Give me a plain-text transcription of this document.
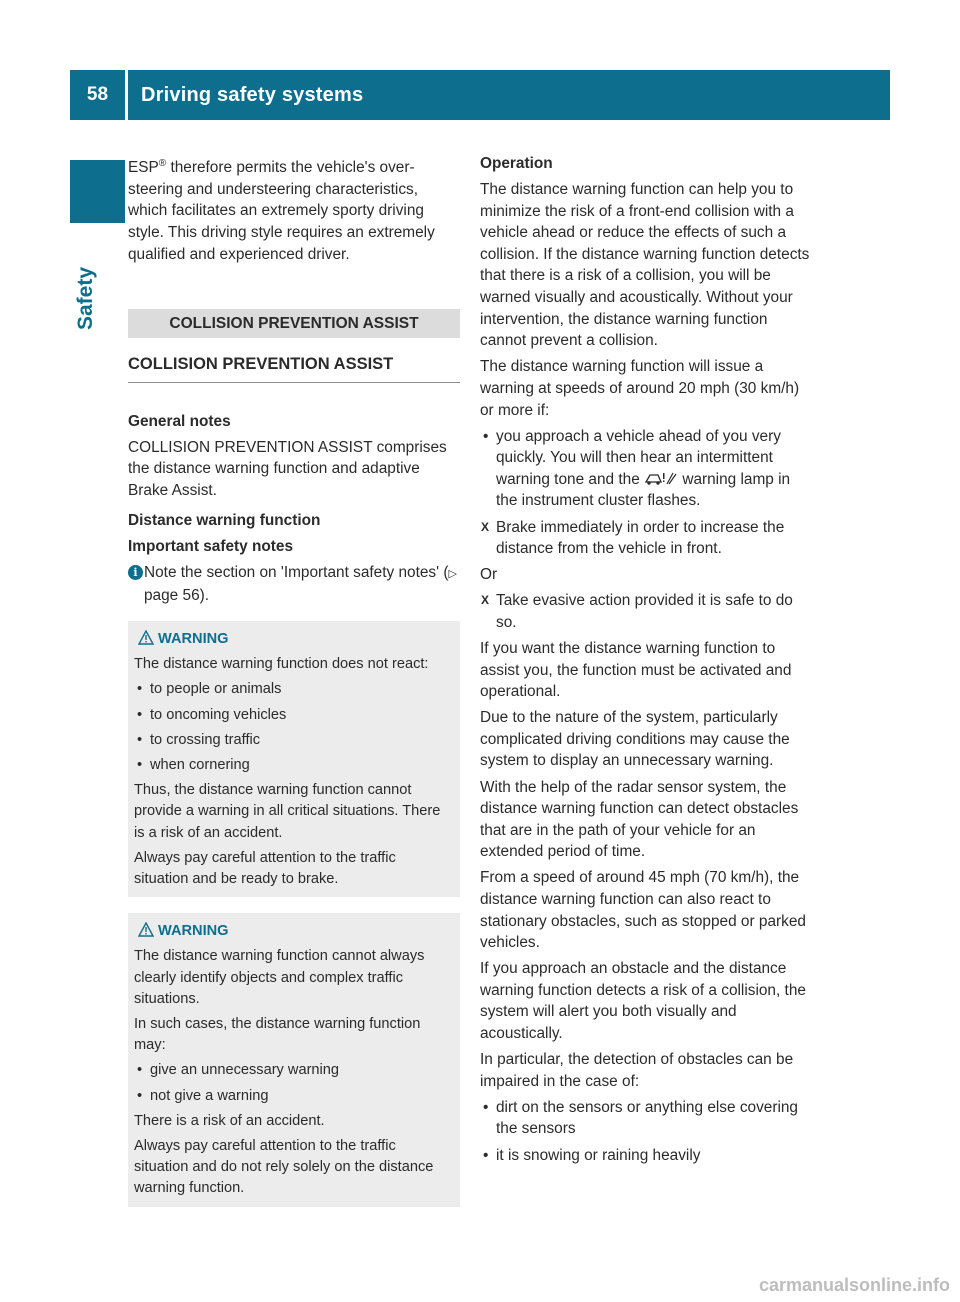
58	Driving safety systems
Safety

ESP® therefore permits the vehicle's over-steering and understeering characteristics, which facilitates an extremely sporty driving style. This driving style requires an extremely qualified and experienced driver.

COLLISION PREVENTION ASSIST
COLLISION PREVENTION ASSIST

General notes

COLLISION PREVENTION ASSIST comprises the distance warning function and adaptive Brake Assist.

Distance warning function

Important safety notes

i Note the section on 'Important safety notes' (▷ page 56).
WARNING

The distance warning function does not react:

• to people or animals
• to oncoming vehicles
• to crossing traffic
• when cornering

Thus, the distance warning function cannot provide a warning in all critical situations. There is a risk of an accident.

Always pay careful attention to the traffic situation and be ready to brake.

WARNING

The distance warning function cannot always clearly identify objects and complex traffic situations.

In such cases, the distance warning function may:

• give an unnecessary warning
• not give a warning

There is a risk of an accident.

Always pay careful attention to the traffic situation and do not rely solely on the distance warning function.

Operation

The distance warning function can help you to minimize the risk of a front-end collision with a vehicle ahead or reduce the effects of such a collision. If the distance warning function detects that there is a risk of a collision, you will be warned visually and acoustically. Without your intervention, the distance warning function cannot prevent a collision.

The distance warning function will issue a warning at speeds of around 20 mph (30 km/h) or more if:

• you approach a vehicle ahead of you very quickly. You will then hear an intermittent warning tone and the	warning lamp in the instrument cluster flashes.
X Brake immediately in order to increase the distance from the vehicle in front.

Or

X Take evasive action provided it is safe to do so.

If you want the distance warning function to assist you, the function must be activated and operational.

Due to the nature of the system, particularly complicated driving conditions may cause the system to display an unnecessary warning.

With the help of the radar sensor system, the distance warning function can detect obstacles that are in the path of your vehicle for an extended period of time.

From a speed of around 45 mph (70 km/h), the distance warning function can also react to stationary obstacles, such as stopped or parked vehicles.

If you approach an obstacle and the distance warning function detects a risk of a collision, the system will alert you both visually and acoustically.

In particular, the detection of obstacles can be impaired in the case of:

• dirt on the sensors or anything else covering the sensors
• it is snowing or raining heavily
carmanualsonline.info
